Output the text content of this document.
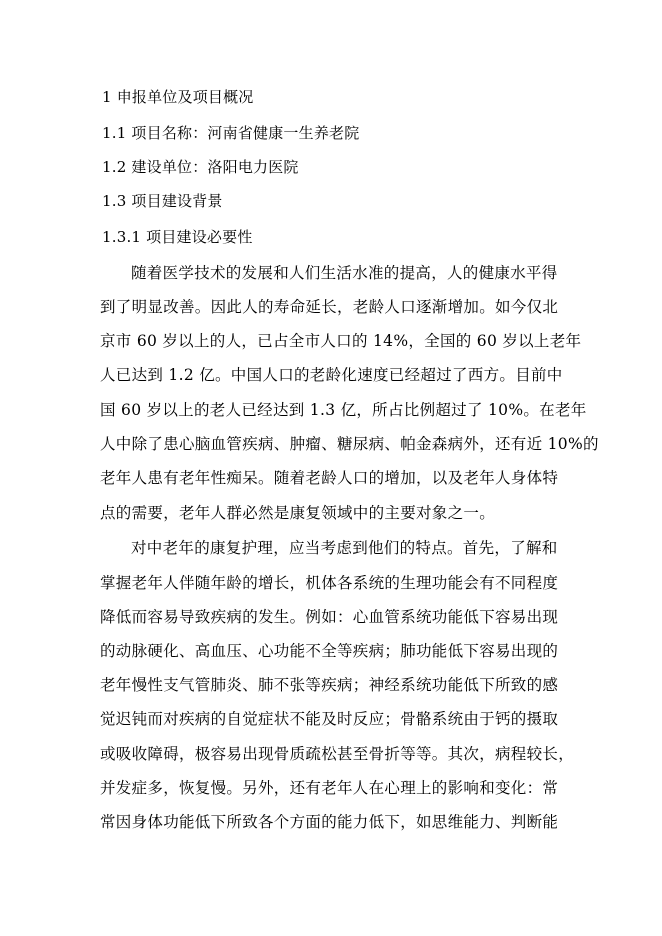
1 申报单位及项目概况
1.1 项目名称：河南省健康一生养老院
1.2 建设单位：洛阳电力医院
1.3 项目建设背景
1.3.1 项目建设必要性
随着医学技术的发展和人们生活水准的提高，人的健康水平得
到了明显改善。因此人的寿命延长，老龄人口逐渐增加。如今仅北
京市 60 岁以上的人，已占全市人口的 14%，全国的 60 岁以上老年
人已达到 1.2 亿。中国人口的老龄化速度已经超过了西方。目前中
国 60 岁以上的老人已经达到 1.3 亿，所占比例超过了 10%。在老年
人中除了患心脑血管疾病、肿瘤、糖尿病、帕金森病外，还有近 10%的
老年人患有老年性痴呆。随着老龄人口的增加，以及老年人身体特
点的需要，老年人群必然是康复领域中的主要对象之一。
对中老年的康复护理，应当考虑到他们的特点。首先，了解和
掌握老年人伴随年龄的增长，机体各系统的生理功能会有不同程度
降低而容易导致疾病的发生。例如：心血管系统功能低下容易出现
的动脉硬化、高血压、心功能不全等疾病；肺功能低下容易出现的
老年慢性支气管肺炎、肺不张等疾病；神经系统功能低下所致的感
觉迟钝而对疾病的自觉症状不能及时反应；骨骼系统由于钙的摄取
或吸收障碍，极容易出现骨质疏松甚至骨折等等。其次，病程较长，
并发症多，恢复慢。另外，还有老年人在心理上的影响和变化：常
常因身体功能低下所致各个方面的能力低下，如思维能力、判断能
